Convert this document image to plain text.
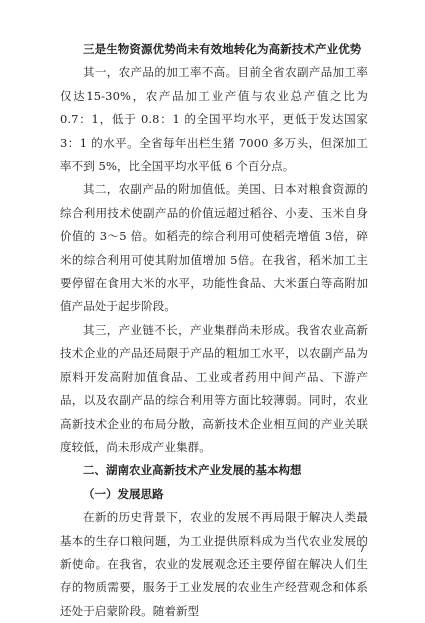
三是生物资源优势尚未有效地转化为高新技术产业优势

其一，农产品的加工率不高。目前全省农副产品加工率仅达15-30%，农产品加工业产值与农业总产值之比为 0.7：1，低于 0.8：1 的全国平均水平，更低于发达国家 3：1 的水平。全省每年出栏生猪 7000 多万头，但深加工率不到 5%，比全国平均水平低 6 个百分点。

其二，农副产品的附加值低。美国、日本对粮食资源的综合利用技术使副产品的价值远超过稻谷、小麦、玉米自身价值的 3～5 倍。如稻壳的综合利用可使稻壳增值 3倍，碎米的综合利用可使其附加值增加 5倍。在我省，稻米加工主要停留在食用大米的水平，功能性食品、大米蛋白等高附加值产品处于起步阶段。

其三，产业链不长，产业集群尚未形成。我省农业高新技术企业的产品还局限于产品的粗加工水平，以农副产品为原料开发高附加值食品、工业或者药用中间产品、下游产品，以及农副产品的综合利用等方面比较薄弱。同时，农业高新技术企业的布局分散，高新技术企业相互间的产业关联度较低，尚未形成产业集群。

二、湖南农业高新技术产业发展的基本构想

（一）发展思路

在新的历史背景下，农业的发展不再局限于解决人类最基本的生存口粮问题，为工业提供原料成为当代农业发展的新使命。在我省，农业的发展观念还主要停留在解决人们生存的物质需要，服务于工业发展的农业生产经营观念和体系还处于启蒙阶段。随着新型

7
